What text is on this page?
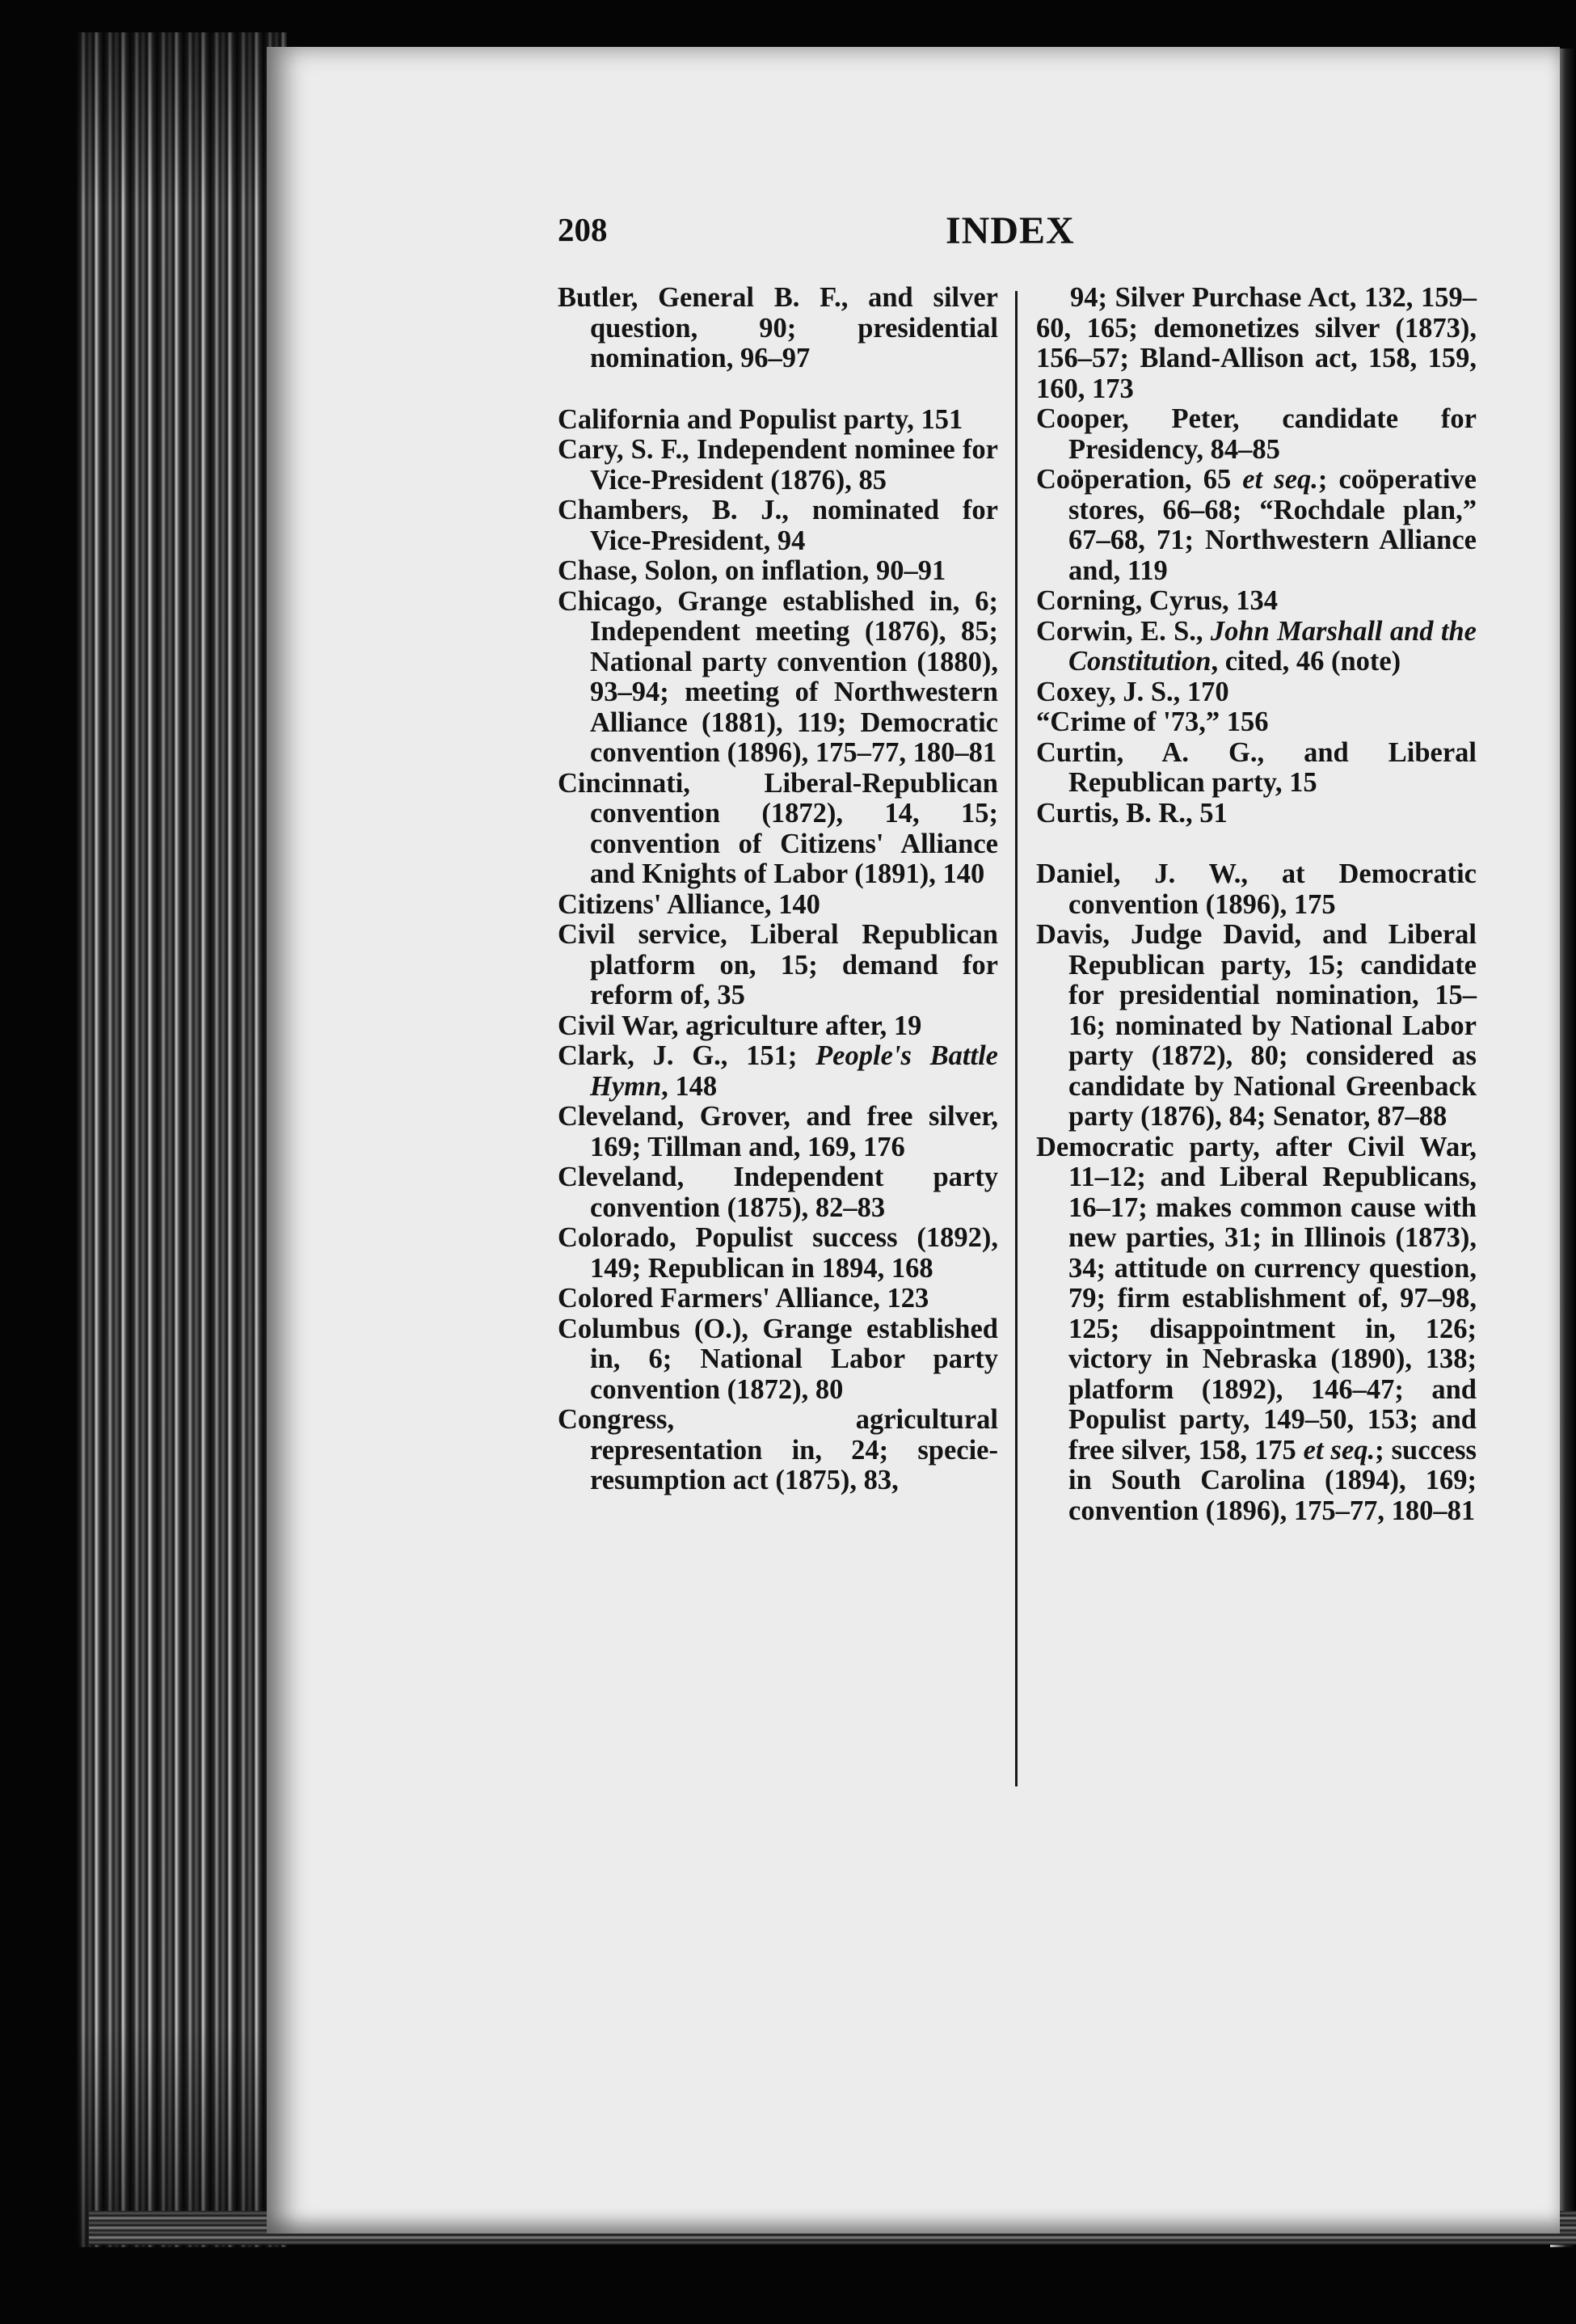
208	INDEX
Butler, General B. F., and silver question, 90; presidential nomination, 96–97
California and Populist party, 151
Cary, S. F., Independent nominee for Vice-President (1876), 85
Chambers, B. J., nominated for Vice-President, 94
Chase, Solon, on inflation, 90–91
Chicago, Grange established in, 6; Independent meeting (1876), 85; National party convention (1880), 93–94; meeting of Northwestern Alliance (1881), 119; Democratic convention (1896), 175–77, 180–81
Cincinnati, Liberal-Republican convention (1872), 14, 15; convention of Citizens' Alliance and Knights of Labor (1891), 140
Citizens' Alliance, 140
Civil service, Liberal Republican platform on, 15; demand for reform of, 35
Civil War, agriculture after, 19
Clark, J. G., 151; People's Battle Hymn, 148
Cleveland, Grover, and free silver, 169; Tillman and, 169, 176
Cleveland, Independent party convention (1875), 82–83
Colorado, Populist success (1892), 149; Republican in 1894, 168
Colored Farmers' Alliance, 123
Columbus (O.), Grange established in, 6; National Labor party convention (1872), 80
Congress, agricultural representation in, 24; specie-resumption act (1875), 83,
94; Silver Purchase Act, 132, 159–60, 165; demonetizes silver (1873), 156–57; Bland-Allison act, 158, 159, 160, 173
Cooper, Peter, candidate for Presidency, 84–85
Coöperation, 65 et seq.; coöperative stores, 66–68; “Rochdale plan,” 67–68, 71; Northwestern Alliance and, 119
Corning, Cyrus, 134
Corwin, E. S., John Marshall and the Constitution, cited, 46 (note)
Coxey, J. S., 170
“Crime of '73,” 156
Curtin, A. G., and Liberal Republican party, 15
Curtis, B. R., 51
Daniel, J. W., at Democratic convention (1896), 175
Davis, Judge David, and Liberal Republican party, 15; candidate for presidential nomination, 15–16; nominated by National Labor party (1872), 80; considered as candidate by National Greenback party (1876), 84; Senator, 87–88
Democratic party, after Civil War, 11–12; and Liberal Republicans, 16–17; makes common cause with new parties, 31; in Illinois (1873), 34; attitude on currency question, 79; firm establishment of, 97–98, 125; disappointment in, 126; victory in Nebraska (1890), 138; platform (1892), 146–47; and Populist party, 149–50, 153; and free silver, 158, 175 et seq.; success in South Carolina (1894), 169; convention (1896), 175–77, 180–81
